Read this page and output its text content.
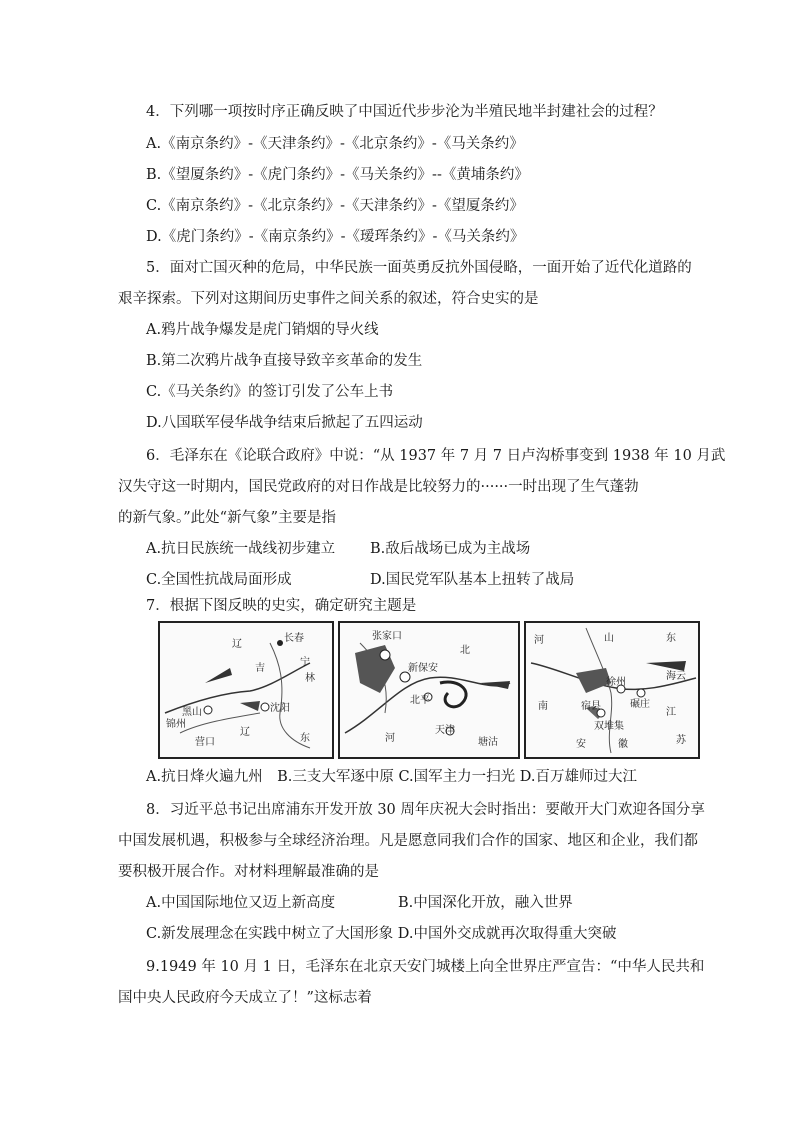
4．下列哪一项按时序正确反映了中国近代步步沦为半殖民地半封建社会的过程？
A.《南京条约》-《天津条约》-《北京条约》-《马关条约》
B.《望厦条约》-《虎门条约》-《马关条约》--《黄埔条约》
C.《南京条约》-《北京条约》-《天津条约》-《望厦条约》
D.《虎门条约》-《南京条约》-《瑷珲条约》-《马关条约》
5．面对亡国灭种的危局，中华民族一面英勇反抗外国侵略，一面开始了近代化道路的
艰辛探索。下列对这期间历史事件之间关系的叙述，符合史实的是
A.鸦片战争爆发是虎门销烟的导火线
B.第二次鸦片战争直接导致辛亥革命的发生
C.《马关条约》的签订引发了公车上书
D.八国联军侵华战争结束后掀起了五四运动
6．毛泽东在《论联合政府》中说：“从 1937 年 7 月 7 日卢沟桥事变到 1938 年 10 月武
汉失守这一时期内，国民党政府的对日作战是比较努力的······一时出现了生气蓬勃
的新气象。”此处“新气象”主要是指
A.抗日民族统一战线初步建立 B.敌后战场已成为主战场
C.全国性抗战局面形成	D.国民党军队基本上扭转了战局
7．根据下图反映的史实，确定研究主题是
辽
长春
吉
宁
林
沈阳
锦州
黑山
营口
辽
东
张家口
新保安
北平
河
天津
塘沽
北
河	山	东
徐州
宿县
双堆集
碾庄
海云
南
安	徽
江
苏
A.抗日烽火遍九州　B.三支大军逐中原 C.国军主力一扫光 D.百万雄师过大江
8．习近平总书记出席浦东开发开放 30 周年庆祝大会时指出：要敞开大门欢迎各国分享
中国发展机遇，积极参与全球经济治理。凡是愿意同我们合作的国家、地区和企业，我们都
要积极开展合作。对材料理解最准确的是
A.中国国际地位又迈上新高度	B.中国深化开放，融入世界
C.新发展理念在实践中树立了大国形象 D.中国外交成就再次取得重大突破
9.1949 年 10 月 1 日，毛泽东在北京天安门城楼上向全世界庄严宣告：“中华人民共和
国中央人民政府今天成立了！”这标志着
